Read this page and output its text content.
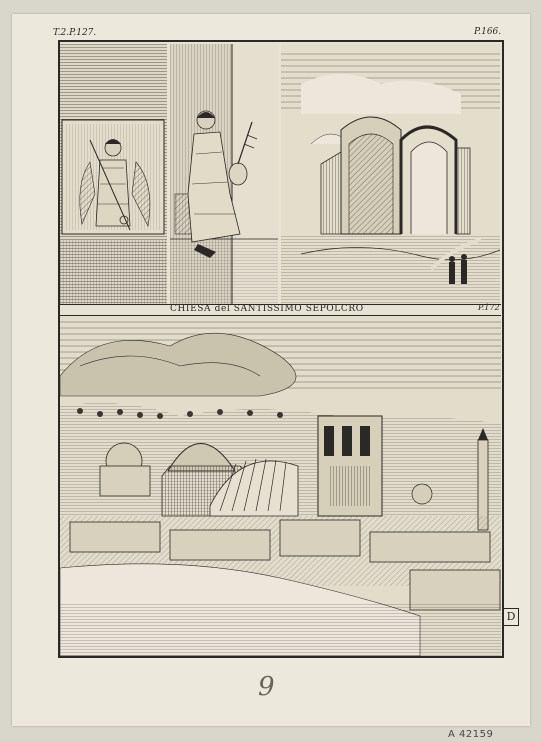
T.2.P.127.	P.166.
CHIESA del SANTISSIMO SEPOLCRO	P.172
D
9
A 42159
